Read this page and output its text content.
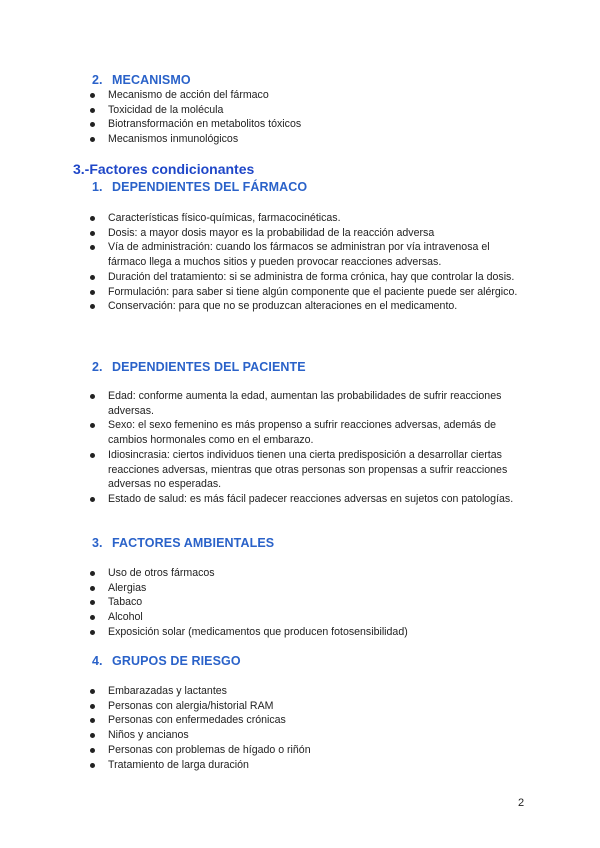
2. MECANISMO
Mecanismo de acción del fármaco
Toxicidad de la molécula
Biotransformación en metabolitos tóxicos
Mecanismos inmunológicos
3.-Factores condicionantes
1. DEPENDIENTES DEL FÁRMACO
Características físico-químicas, farmacocinéticas.
Dosis: a mayor dosis mayor es la probabilidad de la reacción adversa
Vía de administración: cuando los fármacos se administran por vía intravenosa el fármaco llega a muchos sitios y pueden provocar reacciones adversas.
Duración del tratamiento: si se administra de forma crónica, hay que controlar la dosis.
Formulación: para saber si tiene algún componente que el paciente puede ser alérgico.
Conservación: para que no se produzcan alteraciones en el medicamento.
2. DEPENDIENTES DEL PACIENTE
Edad: conforme aumenta la edad, aumentan las probabilidades de sufrir reacciones adversas.
Sexo: el sexo femenino es más propenso a sufrir reacciones adversas, además de cambios hormonales como en el embarazo.
Idiosincrasia: ciertos individuos tienen una cierta predisposición a desarrollar ciertas reacciones adversas, mientras que otras personas son propensas a sufrir reacciones adversas no esperadas.
Estado de salud: es más fácil padecer reacciones adversas en sujetos con patologías.
3. FACTORES AMBIENTALES
Uso de otros fármacos
Alergias
Tabaco
Alcohol
Exposición solar (medicamentos que producen fotosensibilidad)
4. GRUPOS DE RIESGO
Embarazadas y lactantes
Personas con alergia/historial RAM
Personas con enfermedades crónicas
Niños y ancianos
Personas con problemas de hígado o riñón
Tratamiento de larga duración
2
